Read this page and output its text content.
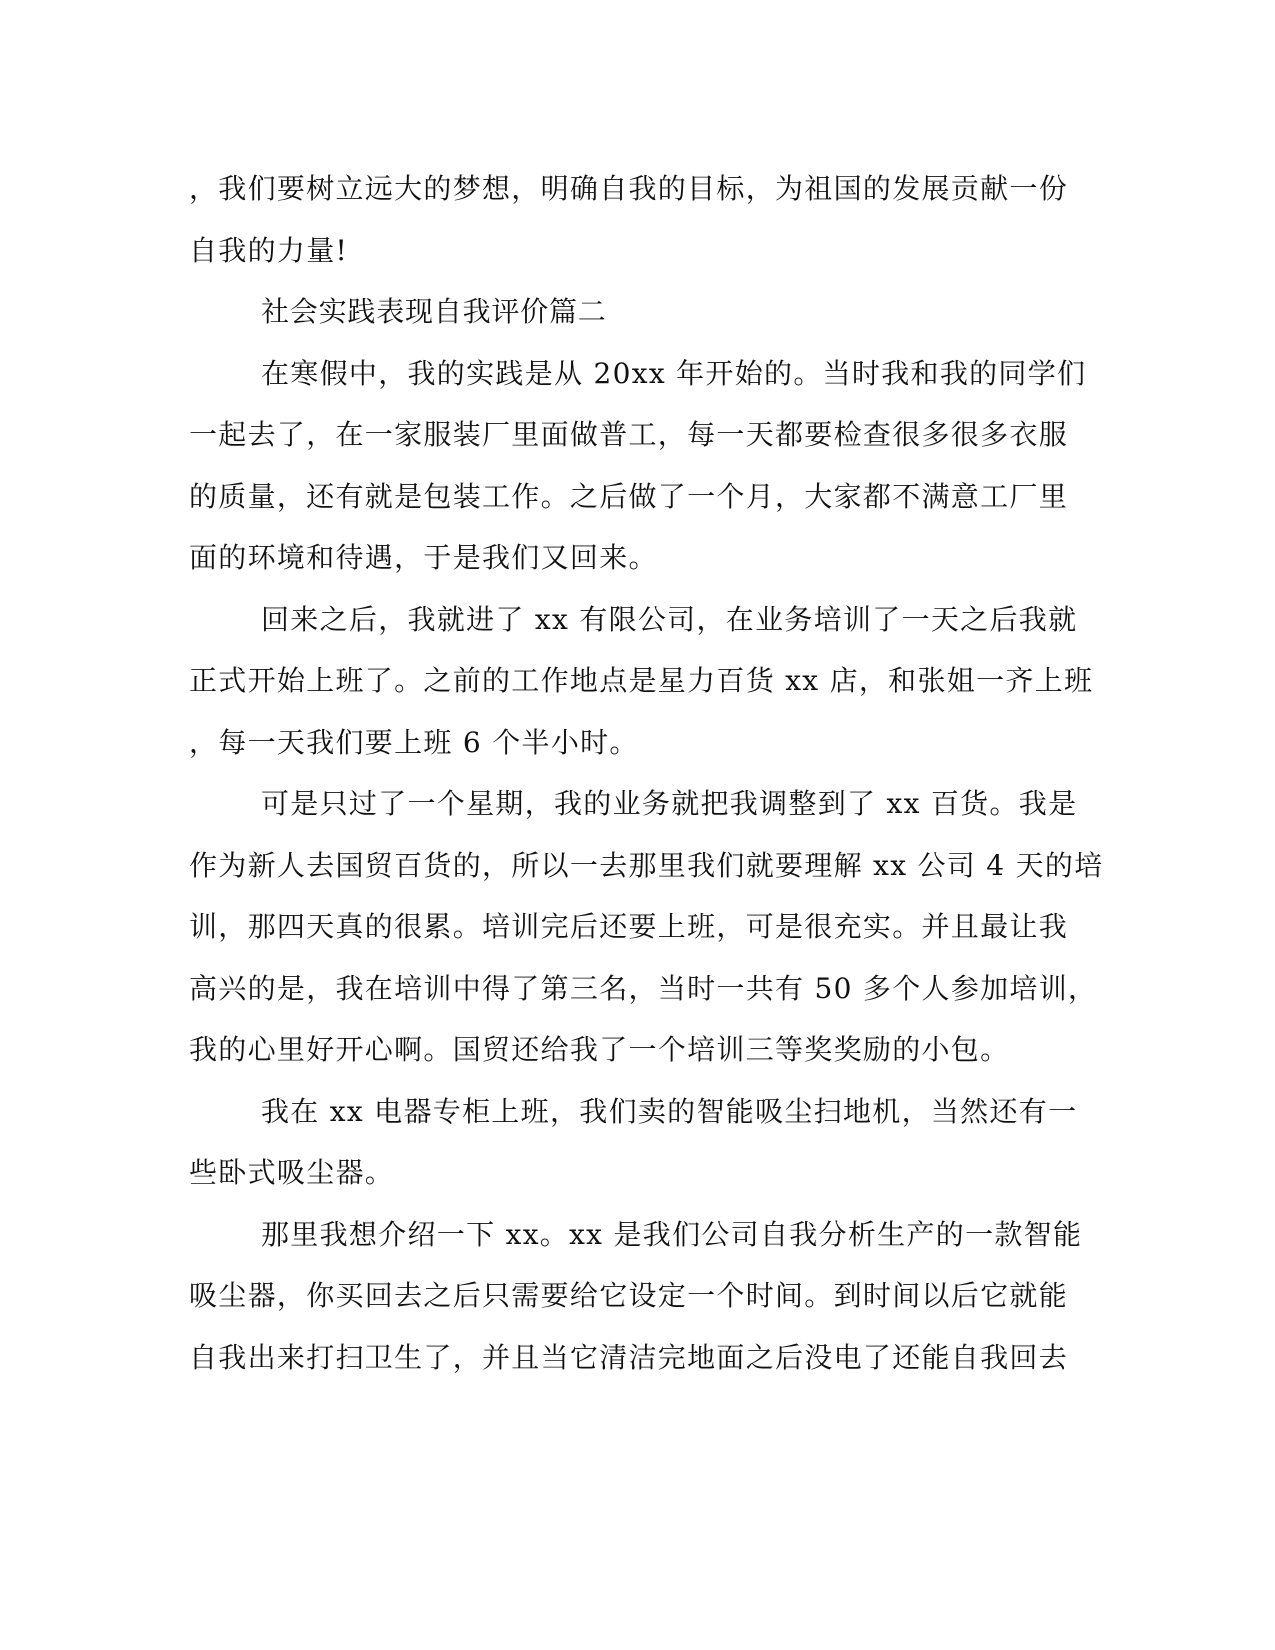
，我们要树立远大的梦想，明确自我的目标，为祖国的发展贡献一份
自我的力量!
社会实践表现自我评价篇二
在寒假中，我的实践是从 20xx 年开始的。当时我和我的同学们
一起去了，在一家服装厂里面做普工，每一天都要检查很多很多衣服
的质量，还有就是包装工作。之后做了一个月，大家都不满意工厂里
面的环境和待遇，于是我们又回来。
回来之后，我就进了 xx 有限公司，在业务培训了一天之后我就
正式开始上班了。之前的工作地点是星力百货 xx 店，和张姐一齐上班
，每一天我们要上班 6 个半小时。
可是只过了一个星期，我的业务就把我调整到了 xx 百货。我是
作为新人去国贸百货的，所以一去那里我们就要理解 xx 公司 4 天的培
训，那四天真的很累。培训完后还要上班，可是很充实。并且最让我
高兴的是，我在培训中得了第三名，当时一共有 50 多个人参加培训，
我的心里好开心啊。国贸还给我了一个培训三等奖奖励的小包。
我在 xx 电器专柜上班，我们卖的智能吸尘扫地机，当然还有一
些卧式吸尘器。
那里我想介绍一下 xx。xx 是我们公司自我分析生产的一款智能
吸尘器，你买回去之后只需要给它设定一个时间。到时间以后它就能
自我出来打扫卫生了，并且当它清洁完地面之后没电了还能自我回去
